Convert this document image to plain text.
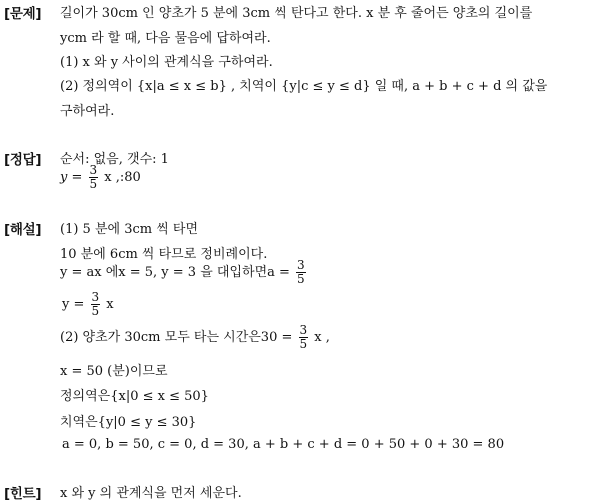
[문제] 길이가 30cm 인 양초가 5 분에 3cm 씩 탄다고 한다. x 분 후 줄어든 양초의 길이를
ycm 라 할 때, 다음 물음에 답하여라.
(1) x 와 y 사이의 관계식을 구하여라.
(2) 정의역이 {x|a ≤ x ≤ b} , 치역이 {y|c ≤ y ≤ d} 일 때, a + b + c + d 의 값을
구하여라.
[정답] 순서: 없음, 갯수: 1
$y = \frac{3}{5}$ x ,:80
[해설] (1) 5 분에 3cm 씩 타면
10 분에 6cm 씩 타므로 정비례이다.
y = ax 에x = 5, y = 3 을 대입하면$a = \frac{3}{5}$
$y = \frac{3}{5}$ x
(2) 양초가 30cm 모두 타는 시간은$30 = \frac{3}{5}$ x ,
x = 50 (분)이므로
정의역은{x|0 ≤ x ≤ 50}
치역은{y|0 ≤ y ≤ 30}
a = 0, b = 50, c = 0, d = 30, a + b + c + d = 0 + 50 + 0 + 30 = 80
[힌트] x 와 y 의 관계식을 먼저 세운다.
